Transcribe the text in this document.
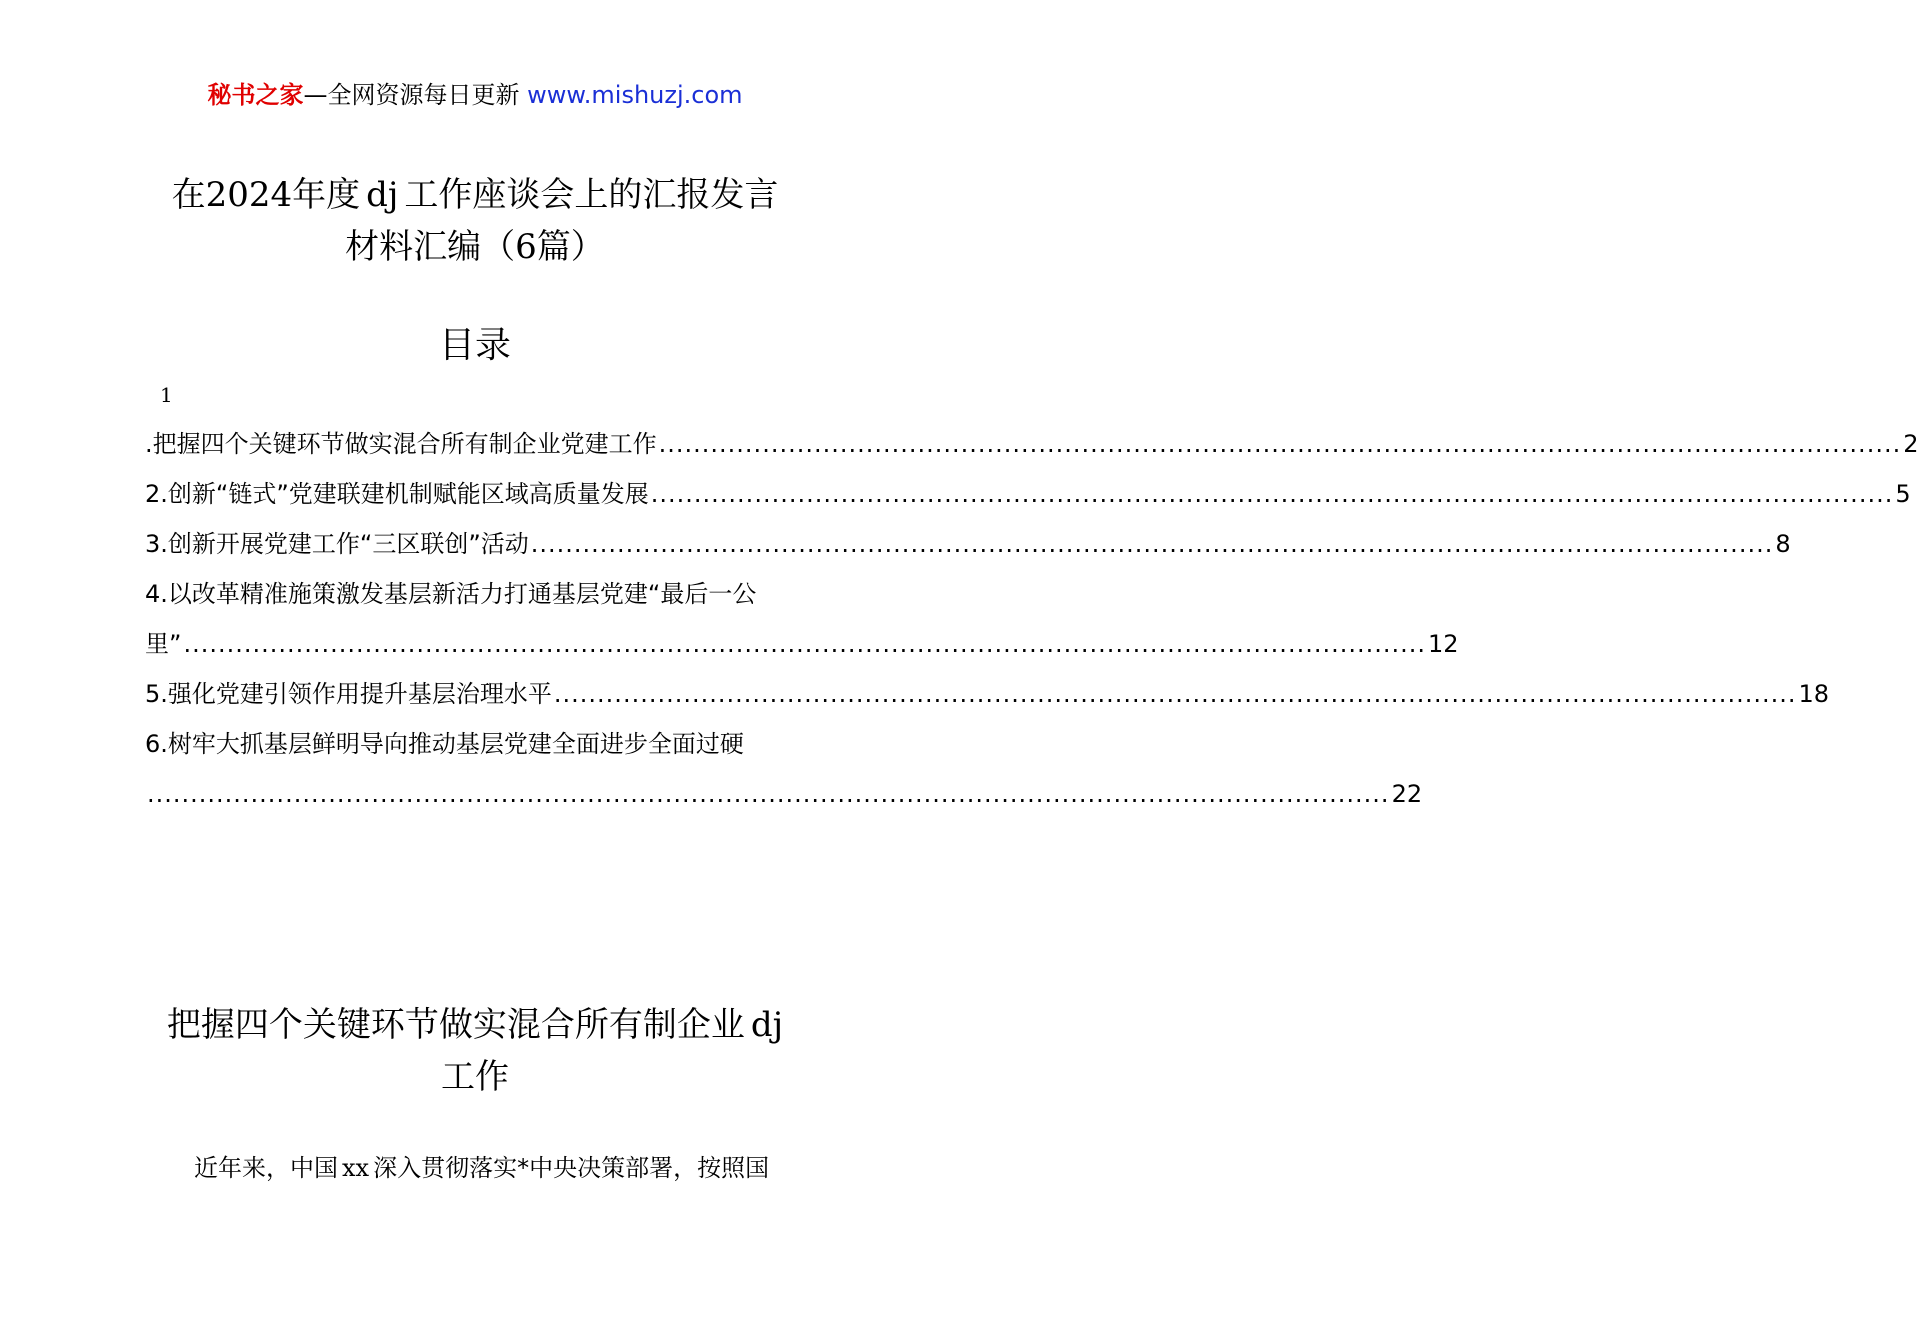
秘书之家—全网资源每日更新 www.mishuzj.com
在2024年度 dj 工作座谈会上的汇报发言
材料汇编（6篇）
目录
1
.把握四个关键环节做实混合所有制企业党建工作 ................................................................................................................................................ 2
2.创新“链式”党建联建机制赋能区域高质量发展 ................................................................................................................................................ 5
3.创新开展党建工作“三区联创”活动 ................................................................................................................................................ 8
4.以改革精准施策激发基层新活力打通基层党建“最后一公
里” ................................................................................................................................................ 12
5.强化党建引领作用提升基层治理水平 ................................................................................................................................................ 18
6.树牢大抓基层鲜明导向推动基层党建全面进步全面过硬
................................................................................................................................................ 22
把握四个关键环节做实混合所有制企业 dj
工作
近年来，中国 xx 深入贯彻落实*中央决策部署，按照国
